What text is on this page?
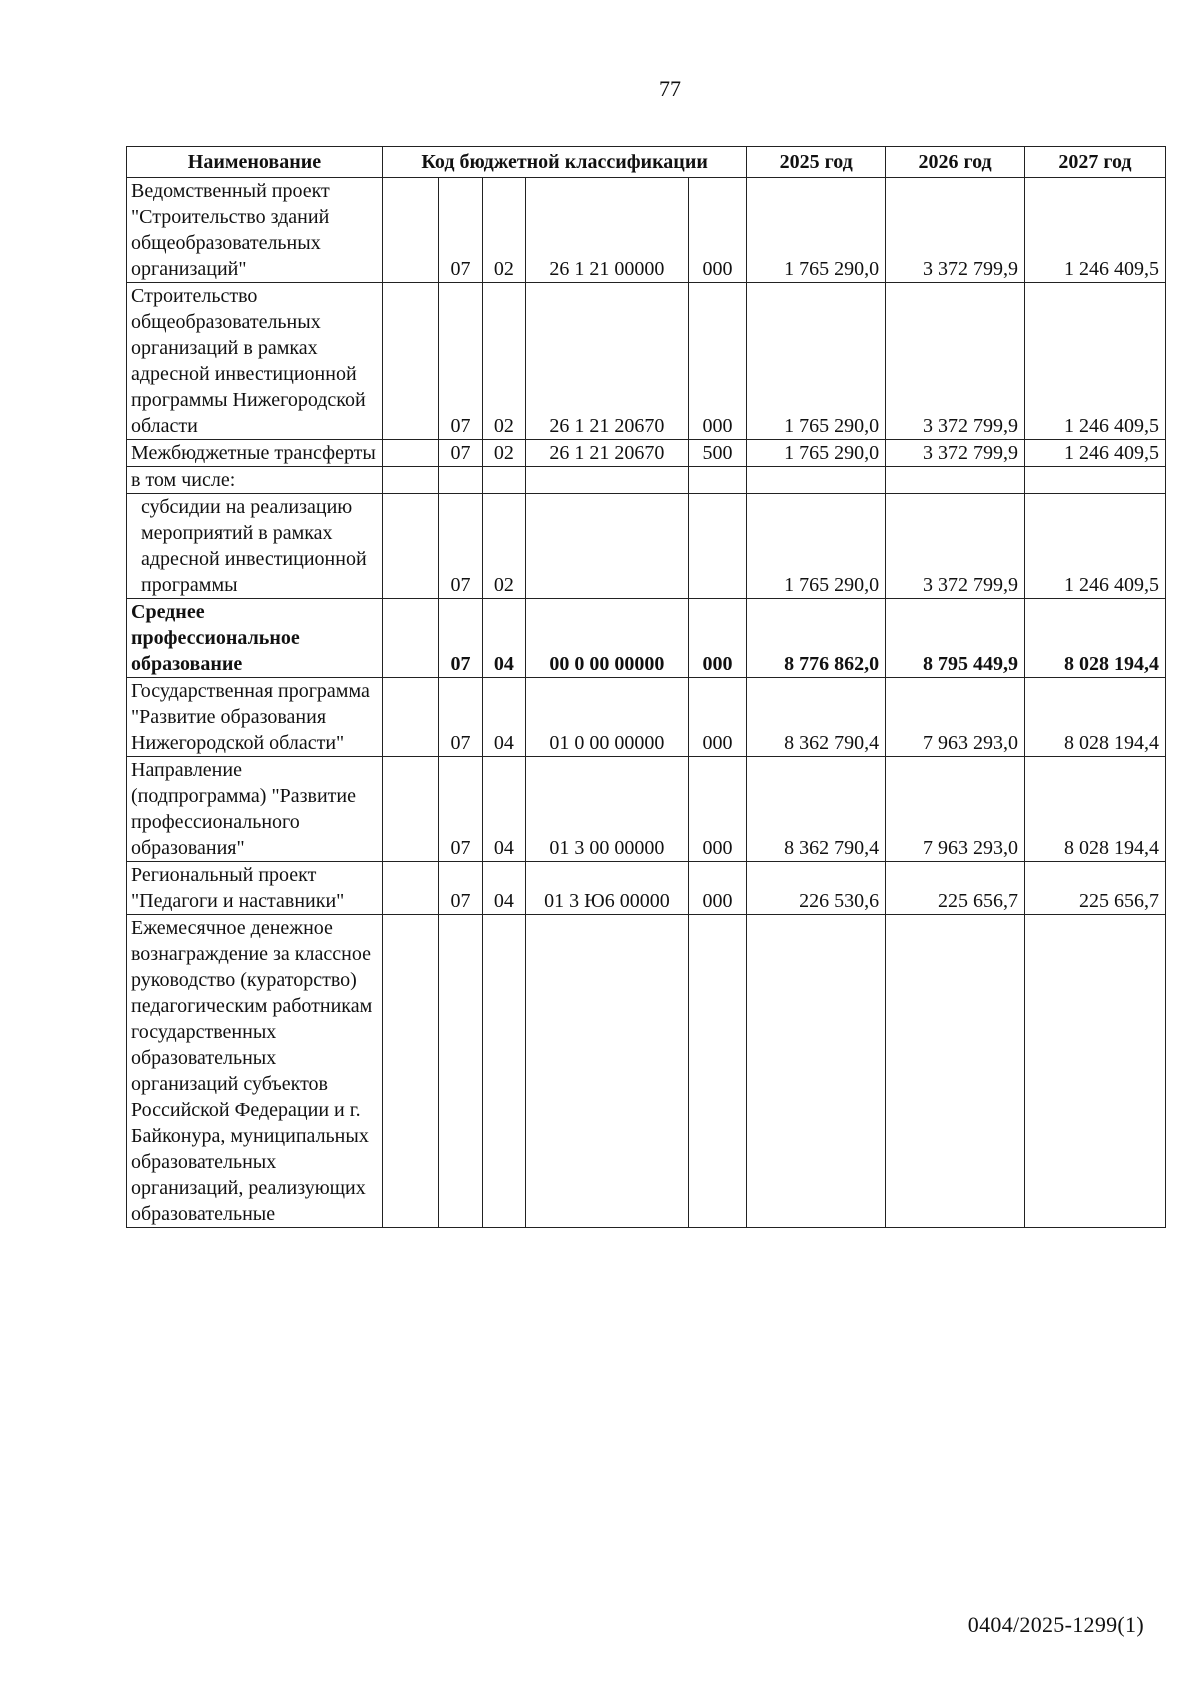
77
Наименование	Код бюджетной классификации					2025 год	2026 год	2027 год
Ведомственный проект "Строительство зданий общеобразовательных организаций"		07	02	26 1 21 00000	000	1 765 290,0	3 372 799,9	1 246 409,5
Строительство общеобразовательных организаций в рамках адресной инвестиционной программы Нижегородской области		07	02	26 1 21 20670	000	1 765 290,0	3 372 799,9	1 246 409,5
Межбюджетные трансферты		07	02	26 1 21 20670	500	1 765 290,0	3 372 799,9	1 246 409,5
в том числе:								
субсидии на реализацию мероприятий в рамках адресной инвестиционной программы		07	02			1 765 290,0	3 372 799,9	1 246 409,5
Среднее профессиональное образование		07	04	00 0 00 00000	000	8 776 862,0	8 795 449,9	8 028 194,4
Государственная программа "Развитие образования Нижегородской области"		07	04	01 0 00 00000	000	8 362 790,4	7 963 293,0	8 028 194,4
Направление (подпрограмма) "Развитие профессионального образования"		07	04	01 3 00 00000	000	8 362 790,4	7 963 293,0	8 028 194,4
Региональный проект "Педагоги и наставники"		07	04	01 3 Ю6 00000	000	226 530,6	225 656,7	225 656,7
Ежемесячное денежное вознаграждение за классное руководство (кураторство) педагогическим работникам государственных образовательных организаций субъектов Российской Федерации и г. Байконура, муниципальных образовательных организаций, реализующих образовательные								
0404/2025-1299(1)
